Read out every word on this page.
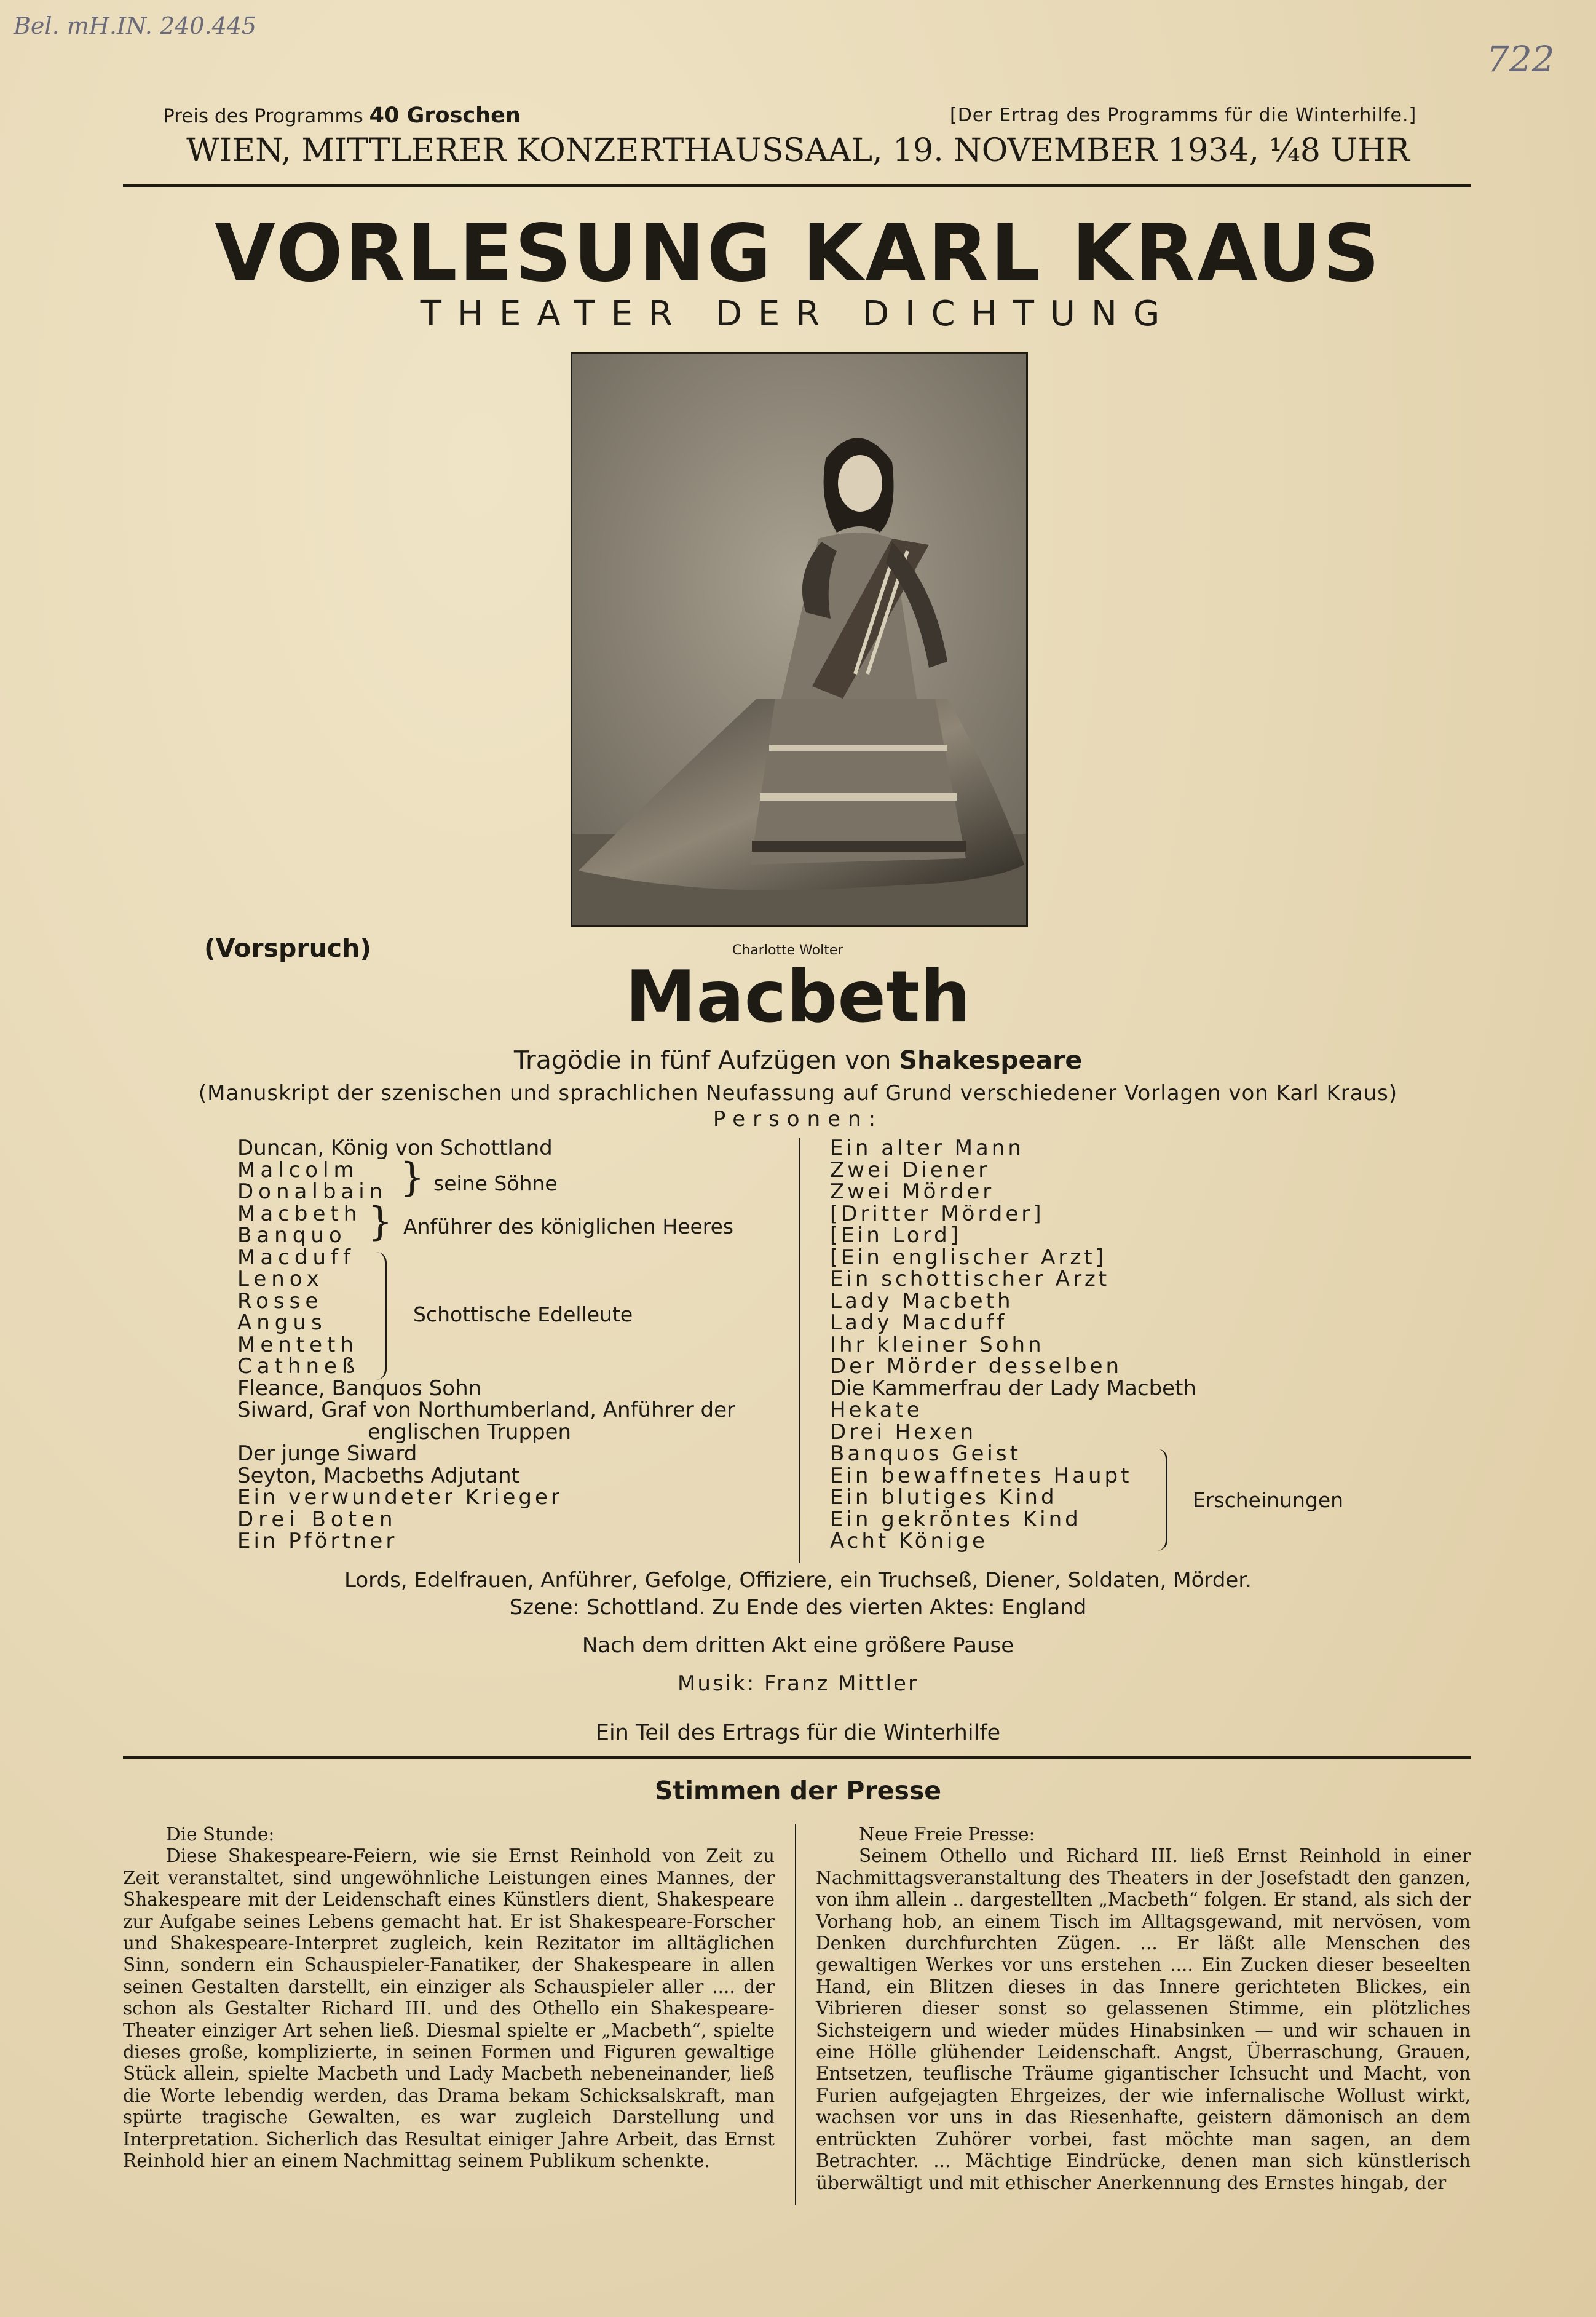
Bel. mH.IN. 240.445
722
Preis des Programms 40 Groschen	[Der Ertrag des Programms für die Winterhilfe.]
WIEN, MITTLERER KONZERTHAUSSAAL, 19. NOVEMBER 1934, ¼8 UHR
VORLESUNG KARL KRAUS
THEATER DER DICHTUNG
(Vorspruch)	Charlotte Wolter
Macbeth
Tragödie in fünf Aufzügen von Shakespeare
(Manuskript der szenischen und sprachlichen Neufassung auf Grund verschiedener Vorlagen von Karl Kraus)
Personen:
Duncan, König von Schottland
Malcolm
Donalbain
Macbeth
Banquo
Macduff
Lenox
Rosse
Angus
Menteth
Cathneß
Fleance, Banquos Sohn
Siward, Graf von Northumberland, Anführer der
englischen Truppen
Der junge Siward
Seyton, Macbeths Adjutant
Ein verwundeter Krieger
Drei Boten
Ein Pförtner
} seine Söhne
} Anführer des königlichen Heeres
Schottische Edelleute
Ein alter Mann
Zwei Diener
Zwei Mörder
[Dritter Mörder]
[Ein Lord]
[Ein englischer Arzt]
Ein schottischer Arzt
Lady Macbeth
Lady Macduff
Ihr kleiner Sohn
Der Mörder desselben
Die Kammerfrau der Lady Macbeth
Hekate
Drei Hexen
Banquos Geist
Ein bewaffnetes Haupt
Ein blutiges Kind
Ein gekröntes Kind
Acht Könige
Erscheinungen
Lords, Edelfrauen, Anführer, Gefolge, Offiziere, ein Truchseß, Diener, Soldaten, Mörder.
Szene: Schottland. Zu Ende des vierten Aktes: England
Nach dem dritten Akt eine größere Pause
Musik: Franz Mittler
Ein Teil des Ertrags für die Winterhilfe
Stimmen der Presse

Die Stunde:

Diese Shakespeare-Feiern, wie sie Ernst Reinhold von Zeit zu Zeit veranstaltet, sind ungewöhnliche Leistungen eines Mannes, der Shakespeare mit der Leidenschaft eines Künstlers dient, Shakespeare zur Aufgabe seines Lebens gemacht hat. Er ist Shakespeare-Forscher und Shakespeare-Interpret zugleich, kein Rezitator im alltäglichen Sinn, sondern ein Schauspieler-Fanatiker, der Shakespeare in allen seinen Gestalten darstellt, ein einziger als Schauspieler aller .... der schon als Gestalter Richard III. und des Othello ein Shakespeare-Theater einziger Art sehen ließ. Diesmal spielte er „Macbeth“, spielte dieses große, komplizierte, in seinen Formen und Figuren gewaltige Stück allein, spielte Macbeth und Lady Macbeth nebeneinander, ließ die Worte lebendig werden, das Drama bekam Schicksalskraft, man spürte tragische Gewalten, es war zugleich Darstellung und Interpretation. Sicherlich das Resultat einiger Jahre Arbeit, das Ernst Reinhold hier an einem Nachmittag seinem Publikum schenkte.

Neue Freie Presse:

Seinem Othello und Richard III. ließ Ernst Reinhold in einer Nachmittagsveranstaltung des Theaters in der Josefstadt den ganzen, von ihm allein .. dargestellten „Macbeth“ folgen. Er stand, als sich der Vorhang hob, an einem Tisch im Alltagsgewand, mit nervösen, vom Denken durchfurchten Zügen. ... Er läßt alle Menschen des gewaltigen Werkes vor uns erstehen .... Ein Zucken dieser beseelten Hand, ein Blitzen dieses in das Innere gerichteten Blickes, ein Vibrieren dieser sonst so gelassenen Stimme, ein plötzliches Sichsteigern und wieder müdes Hinabsinken — und wir schauen in eine Hölle glühender Leidenschaft. Angst, Überraschung, Grauen, Entsetzen, teuflische Träume gigantischer Ichsucht und Macht, von Furien aufgejagten Ehrgeizes, der wie infernalische Wollust wirkt, wachsen vor uns in das Riesenhafte, geistern dämonisch an dem entrückten Zuhörer vorbei, fast möchte man sagen, an dem Betrachter. ... Mächtige Eindrücke, denen man sich künstlerisch überwältigt und mit ethischer Anerkennung des Ernstes hingab, der
